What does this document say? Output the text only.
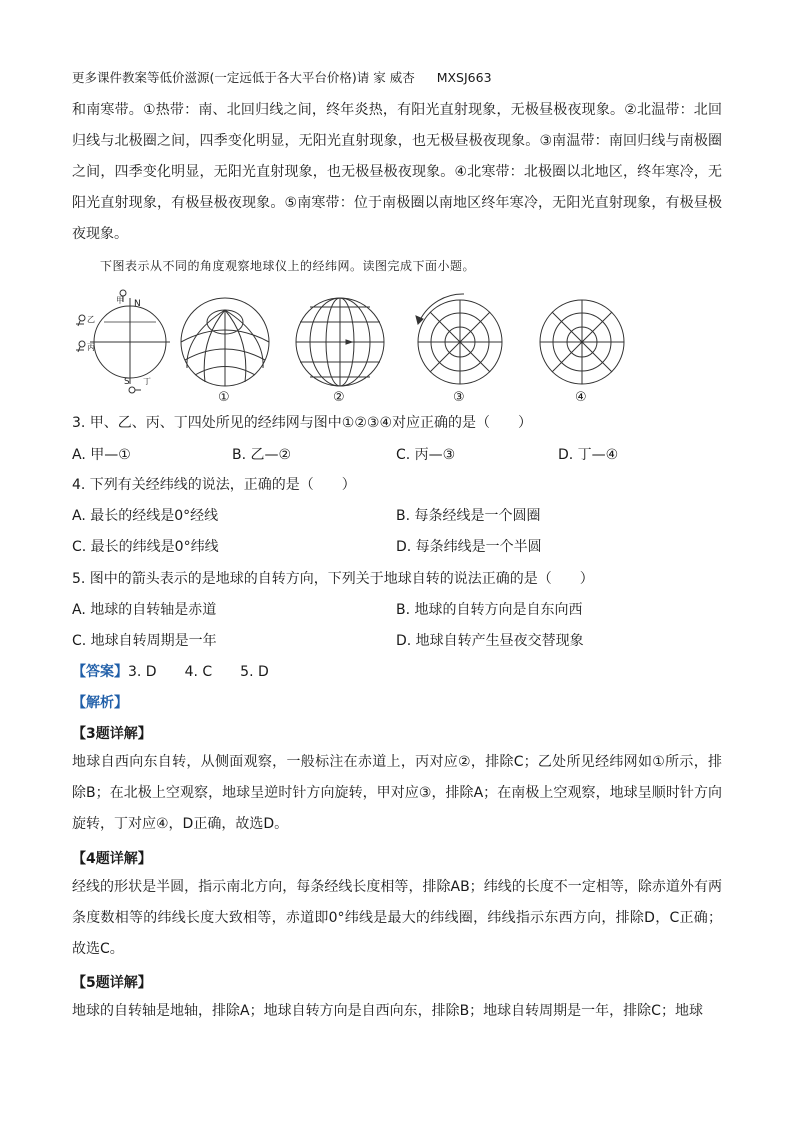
更多课件教案等低价滋源(一定远低于各大平台价格)请 家 威杏 MXSJ663

和南寒带。①热带：南、北回归线之间，终年炎热，有阳光直射现象，无极昼极夜现象。②北温带：北回归线与北极圈之间，四季变化明显，无阳光直射现象，也无极昼极夜现象。③南温带：南回归线与南极圈之间，四季变化明显，无阳光直射现象，也无极昼极夜现象。④北寒带：北极圈以北地区，终年寒冷，无阳光直射现象，有极昼极夜现象。⑤南寒带：位于南极圈以南地区终年寒冷，无阳光直射现象，有极昼极夜现象。

下图表示从不同的角度观察地球仪上的经纬网。读图完成下面小题。
甲
乙
丙
丁
N
S
①	②	③	④
3. 甲、乙、丙、丁四处所见的经纬网与图中①②③④对应正确的是（　　）
A. 甲—①	B. 乙—②	C. 丙—③	D. 丁—④
4. 下列有关经纬线的说法，正确的是（　　）
A. 最长的经线是0°经线	B. 每条经线是一个圆圈
C. 最长的纬线是0°纬线	D. 每条纬线是一个半圆
5. 图中的箭头表示的是地球的自转方向，下列关于地球自转的说法正确的是（　　）
A. 地球的自转轴是赤道	B. 地球的自转方向是自东向西
C. 地球自转周期是一年	D. 地球自转产生昼夜交替现象
【答案】3. D　　4. C　　5. D
【解析】
【3题详解】

地球自西向东自转，从侧面观察，一般标注在赤道上，丙对应②，排除C；乙处所见经纬网如①所示，排除B；在北极上空观察，地球呈逆时针方向旋转，甲对应③，排除A；在南极上空观察，地球呈顺时针方向旋转，丁对应④，D正确，故选D。

【4题详解】

经线的形状是半圆，指示南北方向，每条经线长度相等，排除AB；纬线的长度不一定相等，除赤道外有两条度数相等的纬线长度大致相等，赤道即0°纬线是最大的纬线圈，纬线指示东西方向，排除D，C正确；故选C。

【5题详解】

地球的自转轴是地轴，排除A；地球自转方向是自西向东，排除B；地球自转周期是一年，排除C；地球
